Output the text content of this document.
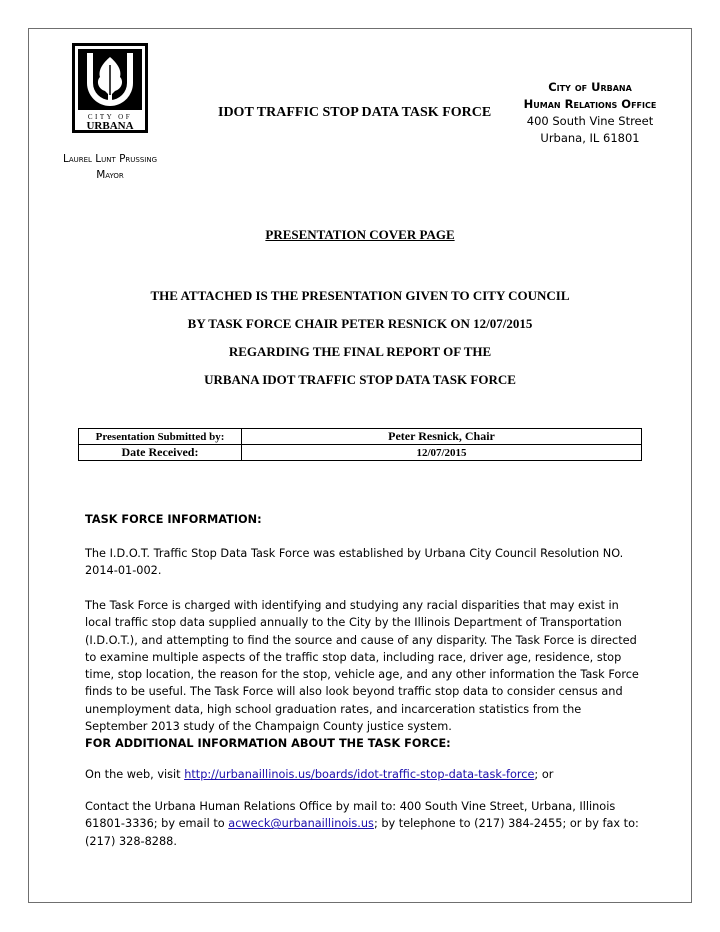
CITY OF
URBANA
IDOT TRAFFIC STOP DATA TASK FORCE
City of Urbana
Human Relations Office
400 South Vine Street
Urbana, IL 61801
Laurel Lunt Prussing
Mayor
PRESENTATION COVER PAGE
THE ATTACHED IS THE PRESENTATION GIVEN TO CITY COUNCIL
BY TASK FORCE CHAIR PETER RESNICK ON 12/07/2015
REGARDING THE FINAL REPORT OF THE
URBANA IDOT TRAFFIC STOP DATA TASK FORCE
Presentation Submitted by:	Peter Resnick, Chair
Date Received:	12/07/2015
TASK FORCE INFORMATION:
The I.D.O.T. Traffic Stop Data Task Force was established by Urbana City Council Resolution NO. 2014-01-002.
The Task Force is charged with identifying and studying any racial disparities that may exist in local traffic stop data supplied annually to the City by the Illinois Department of Transportation (I.D.O.T.), and attempting to find the source and cause of any disparity. The Task Force is directed to examine multiple aspects of the traffic stop data, including race, driver age, residence, stop time, stop location, the reason for the stop, vehicle age, and any other information the Task Force finds to be useful. The Task Force will also look beyond traffic stop data to consider census and unemployment data, high school graduation rates, and incarceration statistics from the September 2013 study of the Champaign County justice system.
FOR ADDITIONAL INFORMATION ABOUT THE TASK FORCE:
On the web, visit http://urbanaillinois.us/boards/idot-traffic-stop-data-task-force; or
Contact the Urbana Human Relations Office by mail to: 400 South Vine Street, Urbana, Illinois 61801-3336; by email to acweck@urbanaillinois.us; by telephone to (217) 384-2455; or by fax to: (217) 328-8288.
